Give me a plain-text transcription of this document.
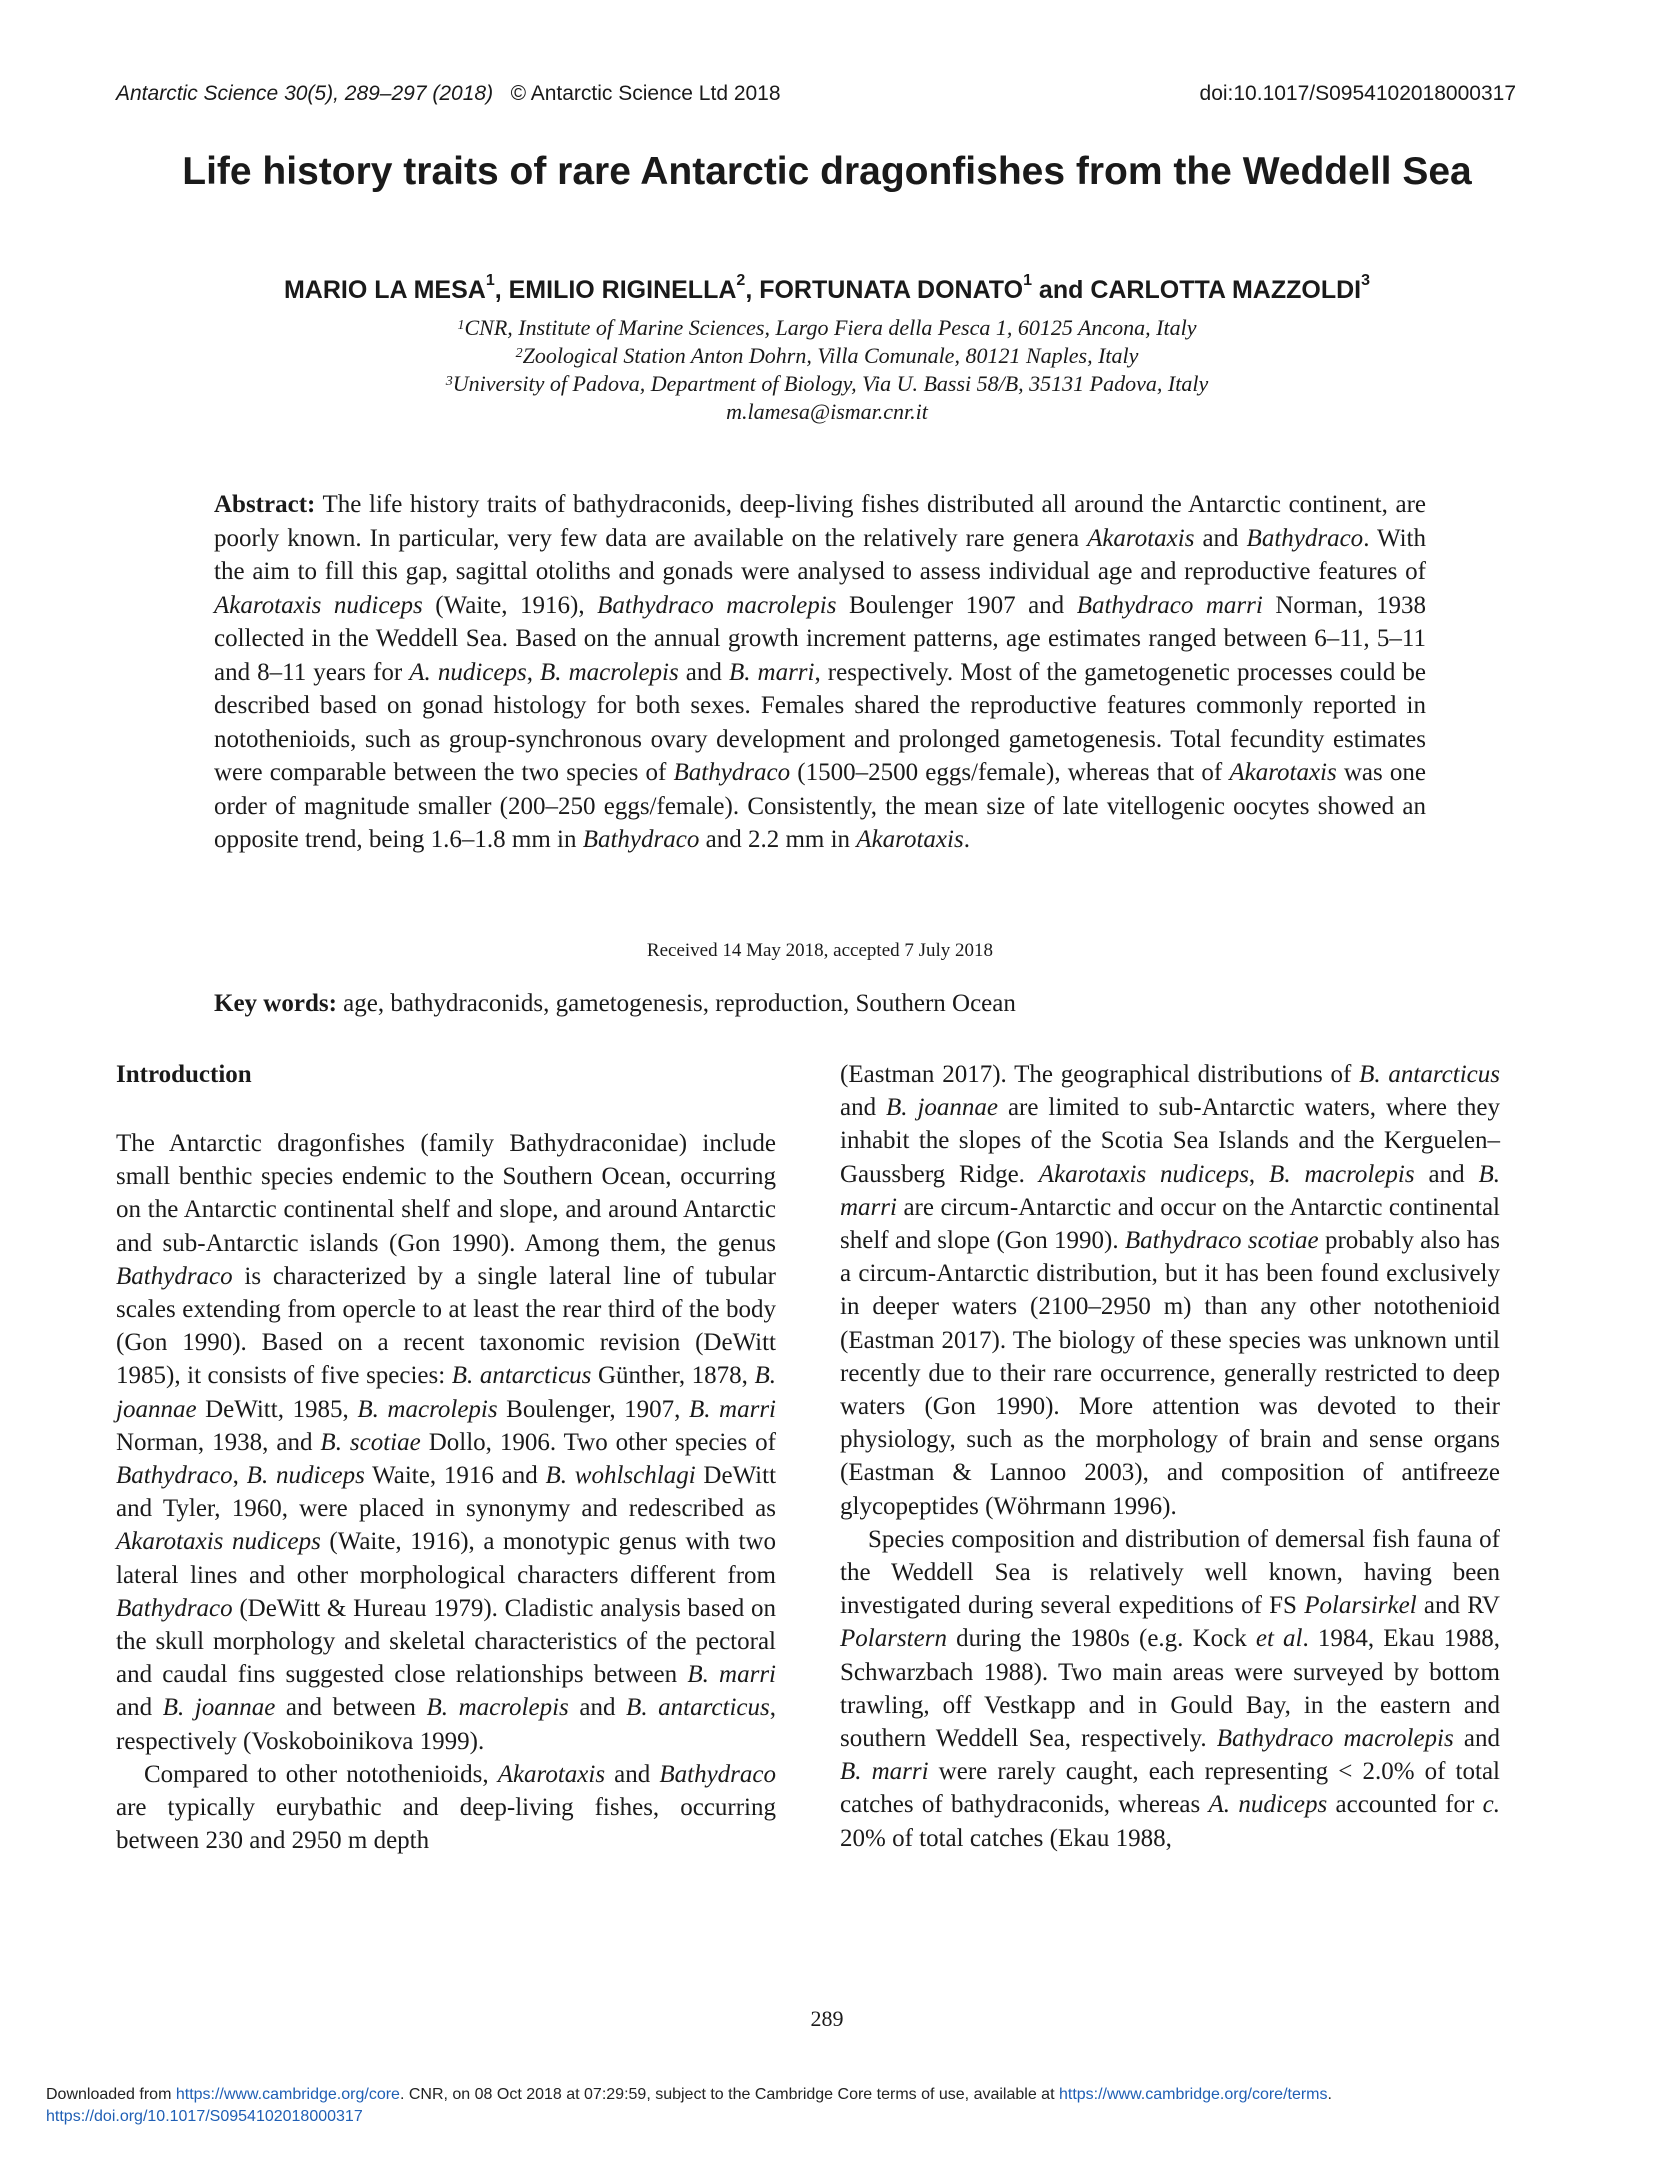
Antarctic Science 30(5), 289–297 (2018) © Antarctic Science Ltd 2018	doi:10.1017/S0954102018000317
Life history traits of rare Antarctic dragonfishes from the Weddell Sea
MARIO LA MESA$^1$, EMILIO RIGINELLA$^2$, FORTUNATA DONATO$^1$ and CARLOTTA MAZZOLDI$^3$
$^1$CNR, Institute of Marine Sciences, Largo Fiera della Pesca 1, 60125 Ancona, Italy
$^2$Zoological Station Anton Dohrn, Villa Comunale, 80121 Naples, Italy
$^3$University of Padova, Department of Biology, Via U. Bassi 58/B, 35131 Padova, Italy
m.lamesa@ismar.cnr.it
Abstract: The life history traits of bathydraconids, deep-living fishes distributed all around the Antarctic continent, are poorly known. In particular, very few data are available on the relatively rare genera Akarotaxis and Bathydraco. With the aim to fill this gap, sagittal otoliths and gonads were analysed to assess individual age and reproductive features of Akarotaxis nudiceps (Waite, 1916), Bathydraco macrolepis Boulenger 1907 and Bathydraco marri Norman, 1938 collected in the Weddell Sea. Based on the annual growth increment patterns, age estimates ranged between 6–11, 5–11 and 8–11 years for A. nudiceps, B. macrolepis and B. marri, respectively. Most of the gametogenetic processes could be described based on gonad histology for both sexes. Females shared the reproductive features commonly reported in notothenioids, such as group-synchronous ovary development and prolonged gametogenesis. Total fecundity estimates were comparable between the two species of Bathydraco (1500–2500 eggs/female), whereas that of Akarotaxis was one order of magnitude smaller (200–250 eggs/female). Consistently, the mean size of late vitellogenic oocytes showed an opposite trend, being 1.6–1.8 mm in Bathydraco and 2.2 mm in Akarotaxis.
Received 14 May 2018, accepted 7 July 2018
Key words: age, bathydraconids, gametogenesis, reproduction, Southern Ocean
Introduction

The Antarctic dragonfishes (family Bathydraconidae) include small benthic species endemic to the Southern Ocean, occurring on the Antarctic continental shelf and slope, and around Antarctic and sub-Antarctic islands (Gon 1990). Among them, the genus Bathydraco is characterized by a single lateral line of tubular scales extending from opercle to at least the rear third of the body (Gon 1990). Based on a recent taxonomic revision (DeWitt 1985), it consists of five species: B. antarcticus Günther, 1878, B. joannae DeWitt, 1985, B. macrolepis Boulenger, 1907, B. marri Norman, 1938, and B. scotiae Dollo, 1906. Two other species of Bathydraco, B. nudiceps Waite, 1916 and B. wohlschlagi DeWitt and Tyler, 1960, were placed in synonymy and redescribed as Akarotaxis nudiceps (Waite, 1916), a monotypic genus with two lateral lines and other morphological characters different from Bathydraco (DeWitt & Hureau 1979). Cladistic analysis based on the skull morphology and skeletal characteristics of the pectoral and caudal fins suggested close relationships between B. marri and B. joannae and between B. macrolepis and B. antarcticus, respectively (Voskoboinikova 1999).

Compared to other notothenioids, Akarotaxis and Bathydraco are typically eurybathic and deep-living fishes, occurring between 230 and 2950 m depth

(Eastman 2017). The geographical distributions of B. antarcticus and B. joannae are limited to sub-Antarctic waters, where they inhabit the slopes of the Scotia Sea Islands and the Kerguelen–Gaussberg Ridge. Akarotaxis nudiceps, B. macrolepis and B. marri are circum-Antarctic and occur on the Antarctic continental shelf and slope (Gon 1990). Bathydraco scotiae probably also has a circum-Antarctic distribution, but it has been found exclusively in deeper waters (2100–2950 m) than any other notothenioid (Eastman 2017). The biology of these species was unknown until recently due to their rare occurrence, generally restricted to deep waters (Gon 1990). More attention was devoted to their physiology, such as the morphology of brain and sense organs (Eastman & Lannoo 2003), and composition of antifreeze glycopeptides (Wöhrmann 1996).

Species composition and distribution of demersal fish fauna of the Weddell Sea is relatively well known, having been investigated during several expeditions of FS Polarsirkel and RV Polarstern during the 1980s (e.g. Kock et al. 1984, Ekau 1988, Schwarzbach 1988). Two main areas were surveyed by bottom trawling, off Vestkapp and in Gould Bay, in the eastern and southern Weddell Sea, respectively. Bathydraco macrolepis and B. marri were rarely caught, each representing < 2.0% of total catches of bathydraconids, whereas A. nudiceps accounted for c. 20% of total catches (Ekau 1988,

289
Downloaded from https://www.cambridge.org/core. CNR, on 08 Oct 2018 at 07:29:59, subject to the Cambridge Core terms of use, available at https://www.cambridge.org/core/terms.
https://doi.org/10.1017/S0954102018000317
